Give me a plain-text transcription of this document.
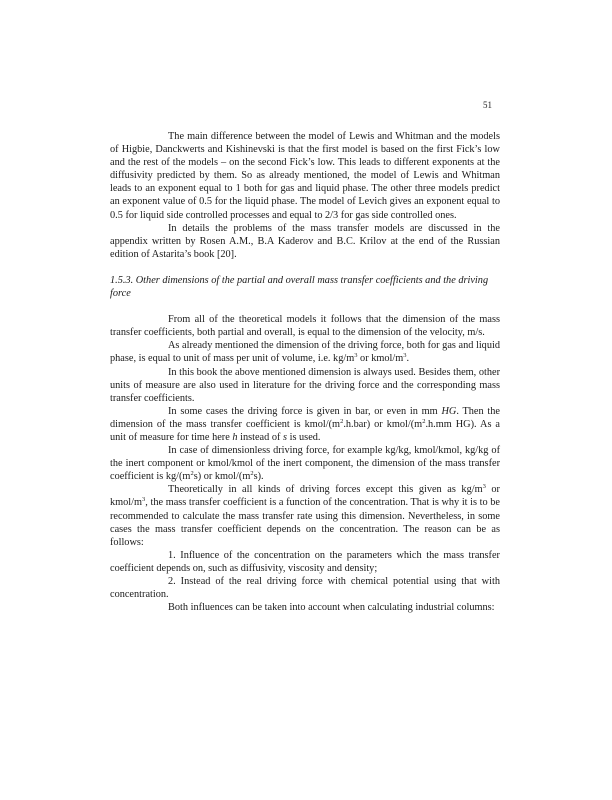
51

The main difference between the model of Lewis and Whitman and the models of Higbie, Danckwerts and Kishinevski is that the first model is based on the first Fick’s low and the rest of the models – on the second Fick’s low. This leads to different exponents at the diffusivity predicted by them. So as already mentioned, the model of Lewis and Whitman leads to an exponent equal to 1 both for gas and liquid phase. The other three models predict an exponent value of 0.5 for the liquid phase. The model of Levich gives an exponent equal to 0.5 for liquid side controlled processes and equal to 2/3 for gas side controlled ones.

In details the problems of the mass transfer models are discussed in the appendix written by Rosen A.M., B.A Kaderov and B.C. Krilov at the end of the Russian edition of Astarita’s book [20].

1.5.3. Other dimensions of the partial and overall mass transfer coefficients and the driving force

From all of the theoretical models it follows that the dimension of the mass transfer coefficients, both partial and overall, is equal to the dimension of the velocity, m/s.

As already mentioned the dimension of the driving force, both for gas and liquid phase, is equal to unit of mass per unit of volume, i.e. $kg/m^3$ or kmol/$m^3$.

In this book the above mentioned dimension is always used. Besides them, other units of measure are also used in literature for the driving force and the corresponding mass transfer coefficients.

In some cases the driving force is given in bar, or even in mm HG. Then the dimension of the mass transfer coefficient is kmol/$(m^2.h.bar)$ or kmol/($m^2.h.mm$ HG). As a unit of measure for time here h instead of s is used.

In case of dimensionless driving force, for example kg/kg, kmol/kmol, kg/kg of the inert component or kmol/kmol of the inert component, the dimension of the mass transfer coefficient is $kg/(m^2s)$ or kmol/$(m^2s)$.

Theoretically in all kinds of driving forces except this given as $kg/m^3$ or kmol/$m^3$, the mass transfer coefficient is a function of the concentration. That is why it is to be recommended to calculate the mass transfer rate using this dimension. Nevertheless, in some cases the mass transfer coefficient depends on the concentration. The reason can be as follows:

1. Influence of the concentration on the parameters which the mass transfer coefficient depends on, such as diffusivity, viscosity and density;

2. Instead of the real driving force with chemical potential using that with concentration.

Both influences can be taken into account when calculating industrial columns:
